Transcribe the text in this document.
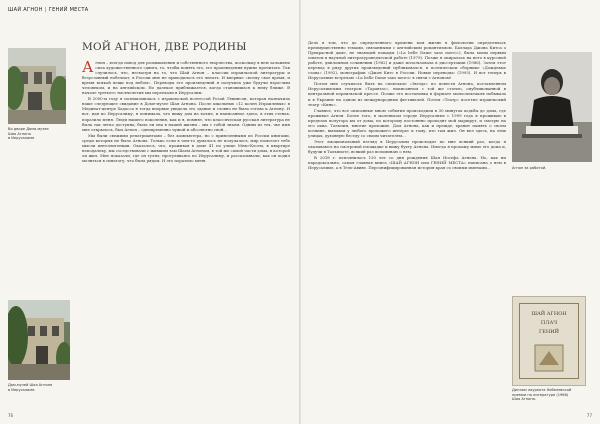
ШАЙ АГНОН | ГЕНИЙ МЕСТА
Во дворе Дома-музея
Шая Агнона
в Иерусалиме
Дом-музей Шая Агнона
в Иерусалиме.
МОЙ АГНОН, ДВЕ РОДИНЫ

Агнон – всегда повод для размышления и собственного творчества, поскольку в нем заложена сила художественного сдвига, то, чтобы понять это, его произведения нужно прочитать. Так случилось, что, несмотря на то, что Шай Агнон – классик израильской литературы и безусловный нобелиат, в России мне не приходилось его читать. И впервые «всему свое время, и время всякой вещи под небом». Переводы его произведений я получила уже будучи взрослым человеком, и на английском. Но далекое приближается, когда становишься к нему ближе. В начале третьего тысячелетия мы переехали в Иерусалим.

В 2000-м году я познакомилась с израильской поэтессой Розой Левинсон, которая назначила наше следующее свидание в Доме-музее Шая Агнона. После школьных «12 колен Израилевых» в Мединат-центре Хадасса я тогда впервые увидела это здание и словно не была готова к Агнону. И вот, идя по Иерусалиму, я понимала, что вижу дом на холме, и написанное здесь, в этих стенах, поразило меня. Люди нашего поколения, как и я, помнят, что классическая русская литература не была так легко доступна; была ли она в нашей жизни – мы с тобой знаем. Одним из тех, чье имя мне открылось, был Агнон – одновременно чужой и абсолютно свой...

Мы были свежими репатриантами – без компьютера, но с привезенными из России книгами, среди которых не было Агнона. Только если в чем-то думалось не получалось, мир помогает тебе мысли интеллигенции. Оказалось, что, проживая в доме 41 по улице Мевo-Кесем, в квартире неподалеку, мы соседствовали с жившим там Шаем Агноном, в той же самой части дома, в которой он жил. Мне показали, где он гулял, прогуливаясь по Иерусалиму, и рассказывали, как он ходил молиться в синагогу, что была рядом. И это поразило меня.

76

Дело в том, что до определенного времени моя жизнь в филологии определялась преимущественно темами, связанными с английским романтизмом. Баллада Джона Китса о Прекрасной даме, не знающей пощады («La belle Dame sans merci»), была моим первым опытом в научной литературоведческой работе (1979). Позже я опиралась на него в курсовой работе, дипломном сочинении (1982) и даже использовала в диссертации (1986). Затем этот перевод в ряду других произведений публиковался, в поэтическом сборнике «Дождевые слова» (1992), монографии «Джон Китс в России. Новые переводы» (1993). И вот теперь в Иерусалиме встречаю «La belle Dame sans merci» в связи с Агноном!

Потом мне случилось быть на спектакле «Звезда» по повести Агнона, поставленном Иерусалимским театром «Таравтас», написанном с той же статью, опубликованной в центральной израильской прессе. Позже это постановка в формате моноспектакля побывала и в Украине на одном из международных фестивалей. Потом «Театр» посетил израильский театр «Кинь».

Главное, что все описанные мною события происходили в 30 минутах ходьбы до дома, где проживал Агнон. Более того, в маленьком городе Иерусалиме с 1999 года я проживаю в пределах полутора км от дома, по которому постоянно проходит мой маршрут, и смотрю на его окна. Талызин, многие прохожие. Дом Агнона, как и прежде, хранит память о своем хозяине, вызывая у любого прохожего интерес к тому, кто там жил. Он вел здесь, на этих улицах, духовную беседу со своим читателем...

Этот эмоциональный взгляд в Иерусалим происходит по мне всякий раз, когда я оказываюсь на смотровой площадке и вижу бухту Агнона. Иногда я прохожу мимо его дома и, будучи в Тальпиоте, всякий раз вспоминаю о нем.

В 2018 г. исполнилось 130 лет со дня рождения Шая Иосефа Агнона. Но, как ни парадоксально, самая главная книга «ШАЙ АГНОН или ГЕНИЙ МЕСТА» написана о нем в Иерусалиме, а в Тель-Авиве. Персонифицированная история края со своими именами...	Агнон за работой.
ШАЙ АГНОН
ПЛАЧ
ГЕНИЙ
Диплом лауреата Нобелевской
премии по литературе (1966)
Шая Агнона.
77
